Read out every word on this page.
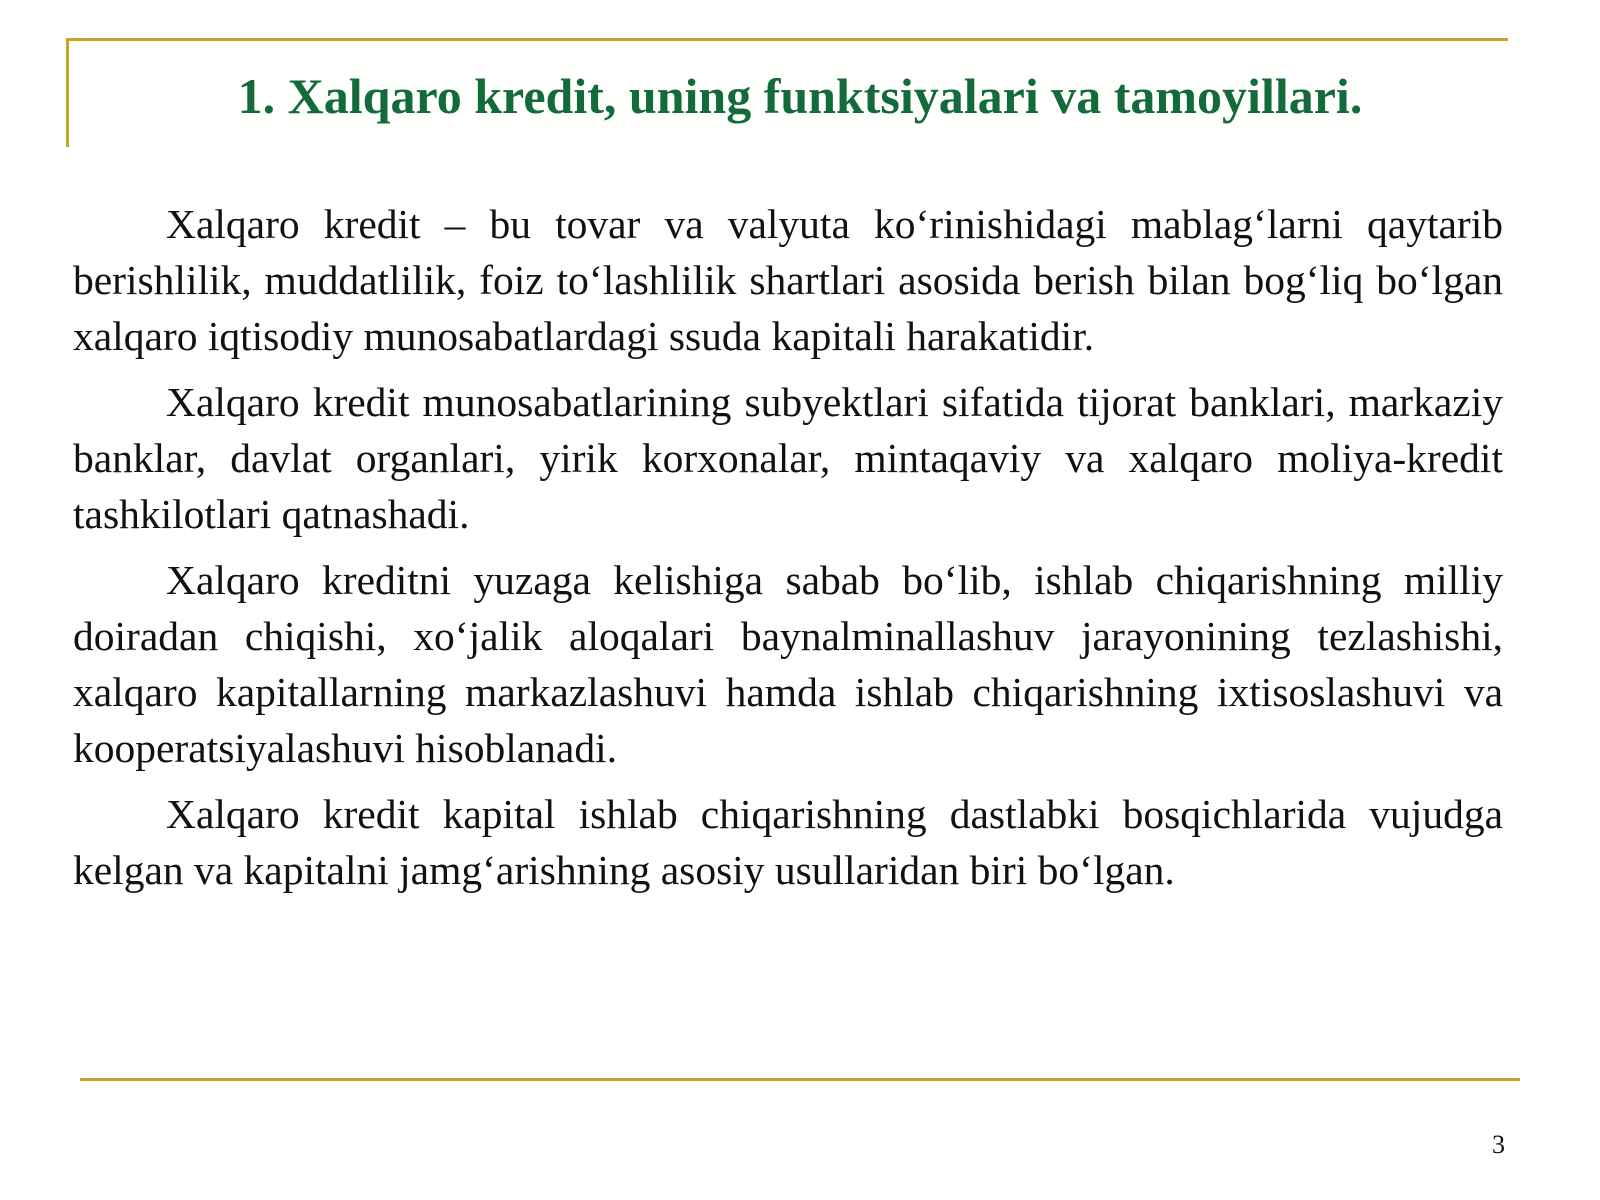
1. Xalqaro kredit, uning funktsiyalari va tamoyillari.

Xalqaro kredit – bu tovar va valyuta ko‘rinishidagi mablag‘larni qaytarib berishlilik, muddatlilik, foiz to‘lashlilik shartlari asosida berish bilan bog‘liq bo‘lgan xalqaro iqtisodiy munosabatlardagi ssuda kapitali harakatidir.

Xalqaro kredit munosabatlarining subyektlari sifatida tijorat banklari, markaziy banklar, davlat organlari, yirik korxonalar, mintaqaviy va xalqaro moliya-kredit tashkilotlari qatnashadi.

Xalqaro kreditni yuzaga kelishiga sabab bo‘lib, ishlab chiqarishning milliy doiradan chiqishi, xo‘jalik aloqalari baynalminallashuv jarayonining tezlashishi, xalqaro kapitallarning markazlashuvi hamda ishlab chiqarishning ixtisoslashuvi va kooperatsiyalashuvi hisoblanadi.

Xalqaro kredit kapital ishlab chiqarishning dastlabki bosqichlarida vujudga kelgan va kapitalni jamg‘arishning asosiy usullaridan biri bo‘lgan.

3
